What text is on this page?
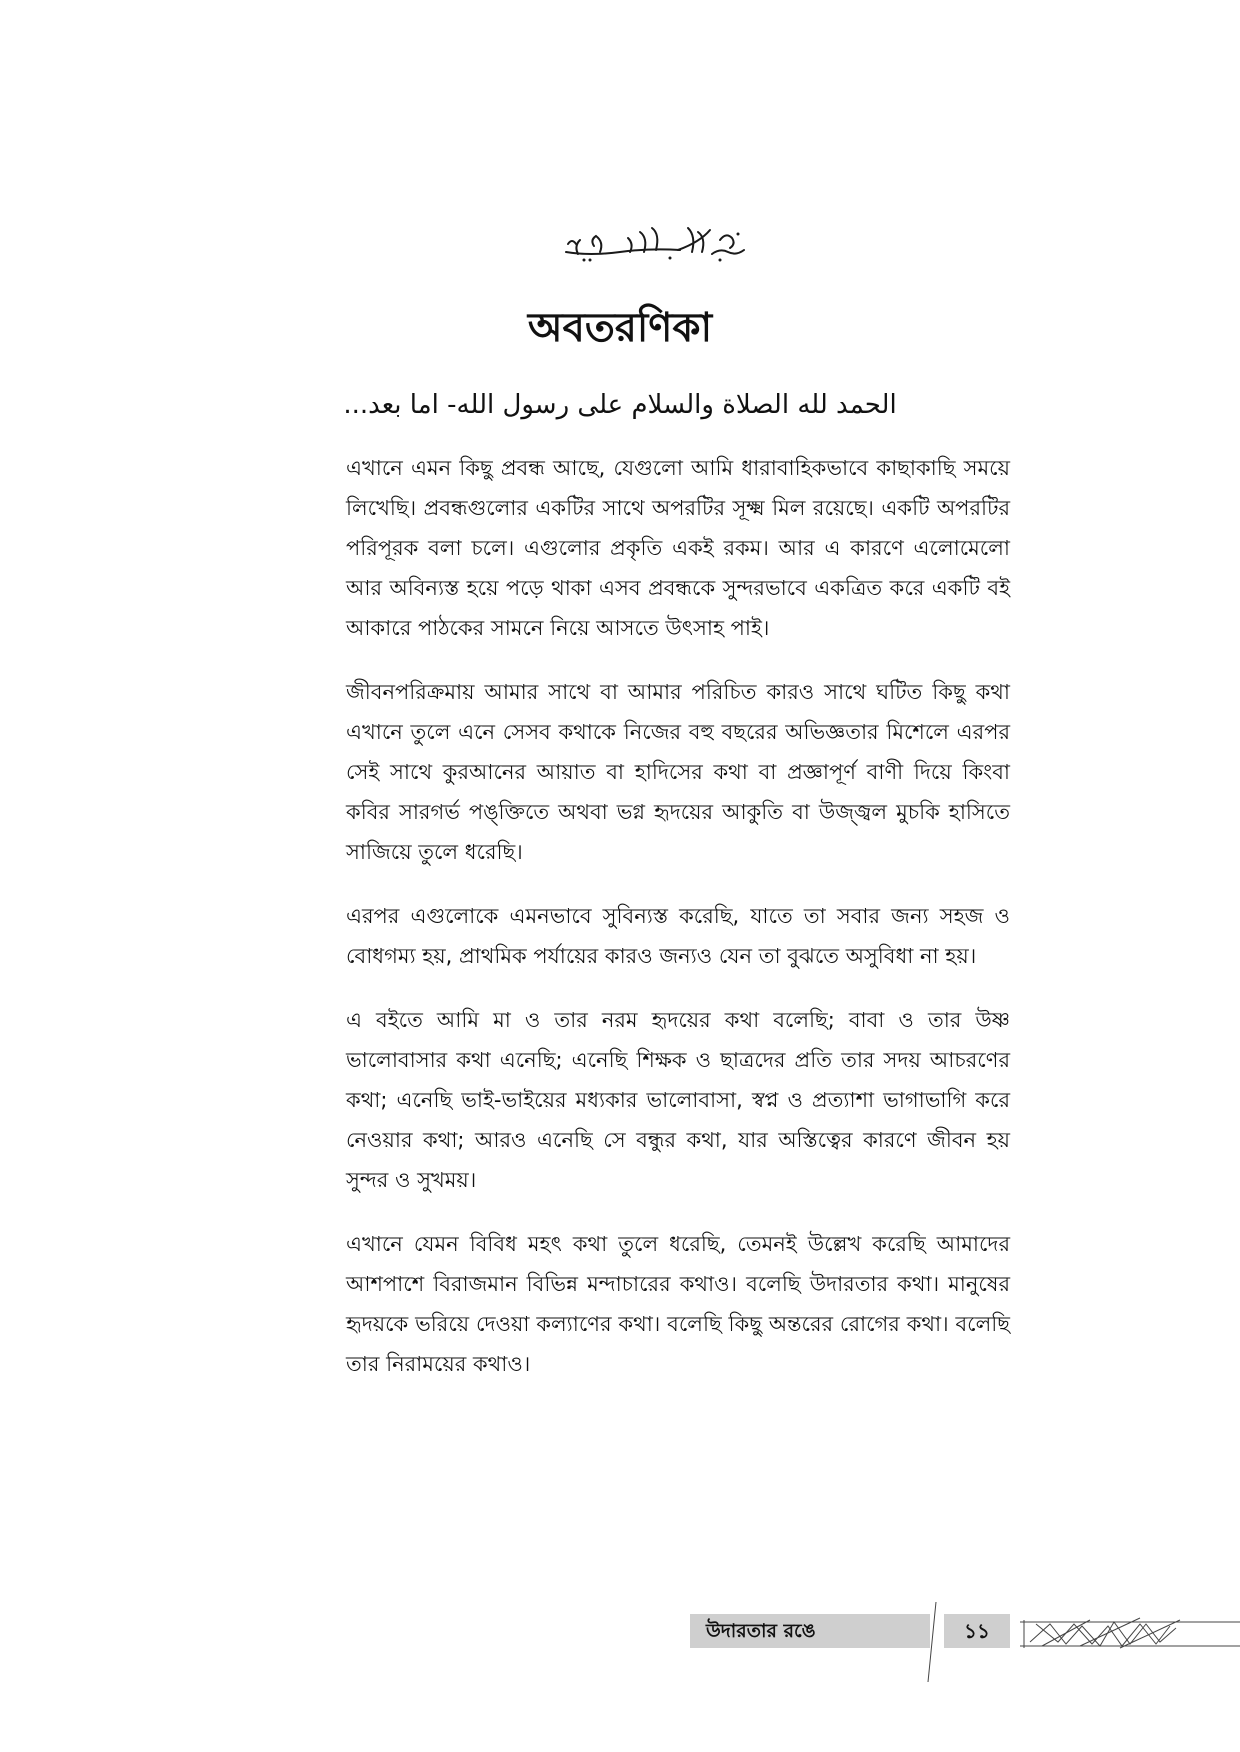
অবতরণিকা

الحمد لله الصلاة والسلام على رسول الله- اما بعد...

এখানে এমন কিছু প্রবন্ধ আছে, যেগুলো আমি ধারাবাহিকভাবে কাছাকাছি সময়ে লিখেছি। প্রবন্ধগুলোর একটির সাথে অপরটির সূক্ষ্ম মিল রয়েছে। একটি অপরটির পরিপূরক বলা চলে। এগুলোর প্রকৃতি একই রকম। আর এ কারণে এলোমেলো আর অবিন্যস্ত হয়ে পড়ে থাকা এসব প্রবন্ধকে সুন্দরভাবে একত্রিত করে একটি বই আকারে পাঠকের সামনে নিয়ে আসতে উৎসাহ পাই।

জীবনপরিক্রমায় আমার সাথে বা আমার পরিচিত কারও সাথে ঘটিত কিছু কথা এখানে তুলে এনে সেসব কথাকে নিজের বহু বছরের অভিজ্ঞতার মিশেলে এরপর সেই সাথে কুরআনের আয়াত বা হাদিসের কথা বা প্রজ্ঞাপূর্ণ বাণী দিয়ে কিংবা কবির সারগর্ভ পঙ্‌ক্তিতে অথবা ভগ্ন হৃদয়ের আকুতি বা উজ্জ্বল মুচকি হাসিতে সাজিয়ে তুলে ধরেছি।

এরপর এগুলোকে এমনভাবে সুবিন্যস্ত করেছি, যাতে তা সবার জন্য সহজ ও বোধগম্য হয়, প্রাথমিক পর্যায়ের কারও জন্যও যেন তা বুঝতে অসুবিধা না হয়।

এ বইতে আমি মা ও তার নরম হৃদয়ের কথা বলেছি; বাবা ও তার উষ্ণ ভালোবাসার কথা এনেছি; এনেছি শিক্ষক ও ছাত্রদের প্রতি তার সদয় আচরণের কথা; এনেছি ভাই-ভাইয়ের মধ্যকার ভালোবাসা, স্বপ্ন ও প্রত্যাশা ভাগাভাগি করে নেওয়ার কথা; আরও এনেছি সে বন্ধুর কথা, যার অস্তিত্বের কারণে জীবন হয় সুন্দর ও সুখময়।

এখানে যেমন বিবিধ মহৎ কথা তুলে ধরেছি, তেমনই উল্লেখ করেছি আমাদের আশপাশে বিরাজমান বিভিন্ন মন্দাচারের কথাও। বলেছি উদারতার কথা। মানুষের হৃদয়কে ভরিয়ে দেওয়া কল্যাণের কথা। বলেছি কিছু অন্তরের রোগের কথা। বলেছি তার নিরাময়ের কথাও।

উদারতার রঙে	১১
